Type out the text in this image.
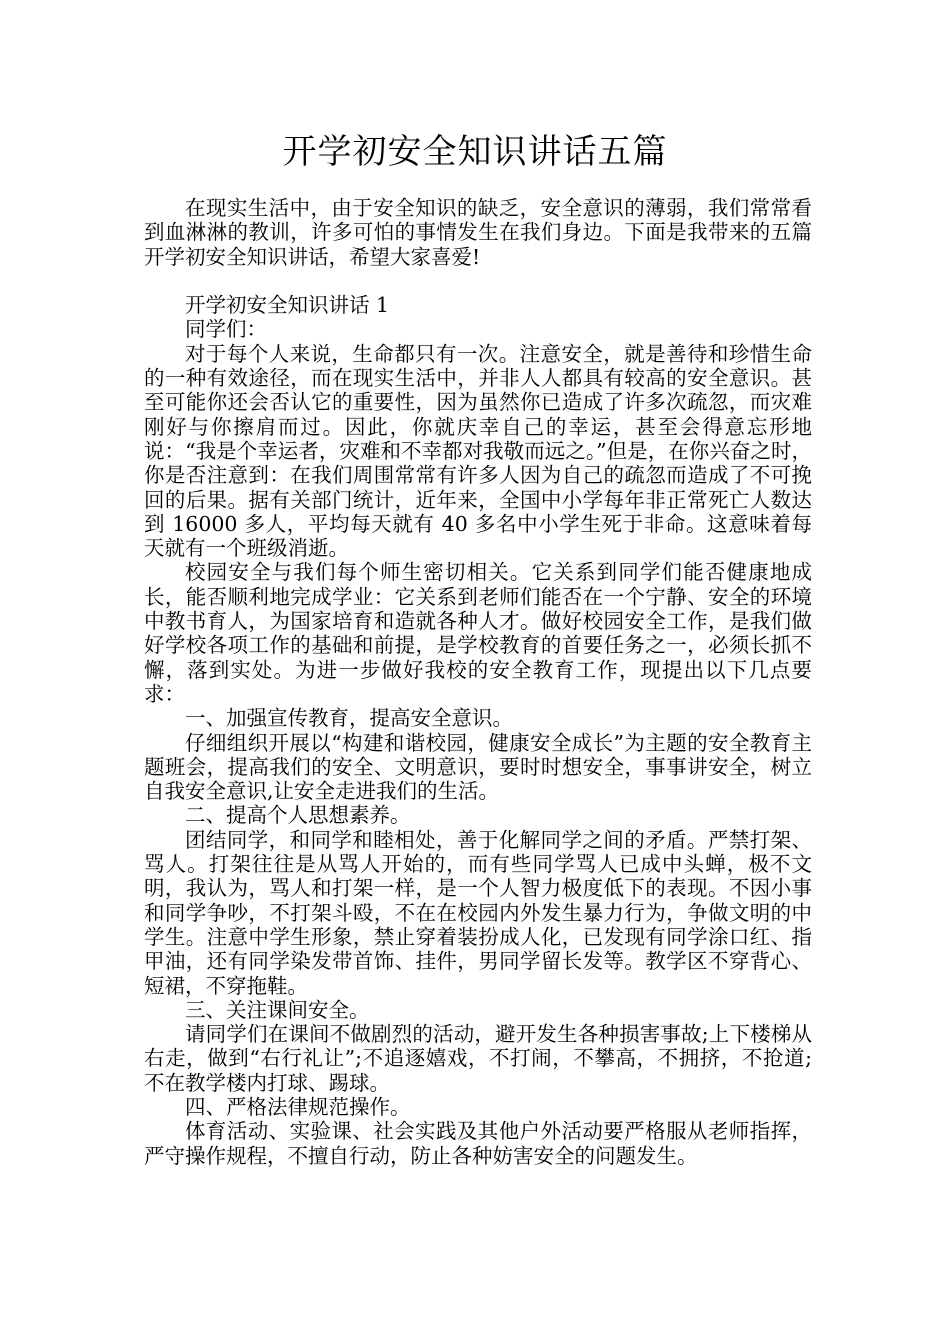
开学初安全知识讲话五篇

在现实生活中，由于安全知识的缺乏，安全意识的薄弱，我们常常看到血淋淋的教训，许多可怕的事情发生在我们身边。下面是我带来的五篇开学初安全知识讲话，希望大家喜爱!

开学初安全知识讲话 1

同学们：

对于每个人来说，生命都只有一次。注意安全，就是善待和珍惜生命的一种有效途径，而在现实生活中，并非人人都具有较高的安全意识。甚至可能你还会否认它的重要性，因为虽然你已造成了许多次疏忽，而灾难刚好与你擦肩而过。因此，你就庆幸自己的幸运，甚至会得意忘形地说：“我是个幸运者，灾难和不幸都对我敬而远之。”但是，在你兴奋之时，你是否注意到：在我们周围常常有许多人因为自己的疏忽而造成了不可挽回的后果。据有关部门统计，近年来，全国中小学每年非正常死亡人数达到 16000 多人，平均每天就有 40 多名中小学生死于非命。这意味着每天就有一个班级消逝。

校园安全与我们每个师生密切相关。它关系到同学们能否健康地成长，能否顺利地完成学业：它关系到老师们能否在一个宁静、安全的环境中教书育人，为国家培育和造就各种人才。做好校园安全工作，是我们做好学校各项工作的基础和前提，是学校教育的首要任务之一，必须长抓不懈，落到实处。为进一步做好我校的安全教育工作，现提出以下几点要求：

一、加强宣传教育，提高安全意识。

仔细组织开展以“构建和谐校园，健康安全成长”为主题的安全教育主题班会，提高我们的安全、文明意识，要时时想安全，事事讲安全，树立自我安全意识,让安全走进我们的生活。

二、提高个人思想素养。

团结同学，和同学和睦相处，善于化解同学之间的矛盾。严禁打架、骂人。打架往往是从骂人开始的，而有些同学骂人已成中头蝉，极不文明，我认为，骂人和打架一样，是一个人智力极度低下的表现。不因小事和同学争吵，不打架斗殴，不在在校园内外发生暴力行为，争做文明的中学生。注意中学生形象，禁止穿着装扮成人化，已发现有同学涂口红、指甲油，还有同学染发带首饰、挂件，男同学留长发等。教学区不穿背心、短裙，不穿拖鞋。

三、关注课间安全。

请同学们在课间不做剧烈的活动，避开发生各种损害事故;上下楼梯从右走，做到“右行礼让”;不追逐嬉戏，不打闹，不攀高，不拥挤，不抢道;不在教学楼内打球、踢球。

四、严格法律规范操作。

体育活动、实验课、社会实践及其他户外活动要严格服从老师指挥，严守操作规程，不擅自行动，防止各种妨害安全的问题发生。
